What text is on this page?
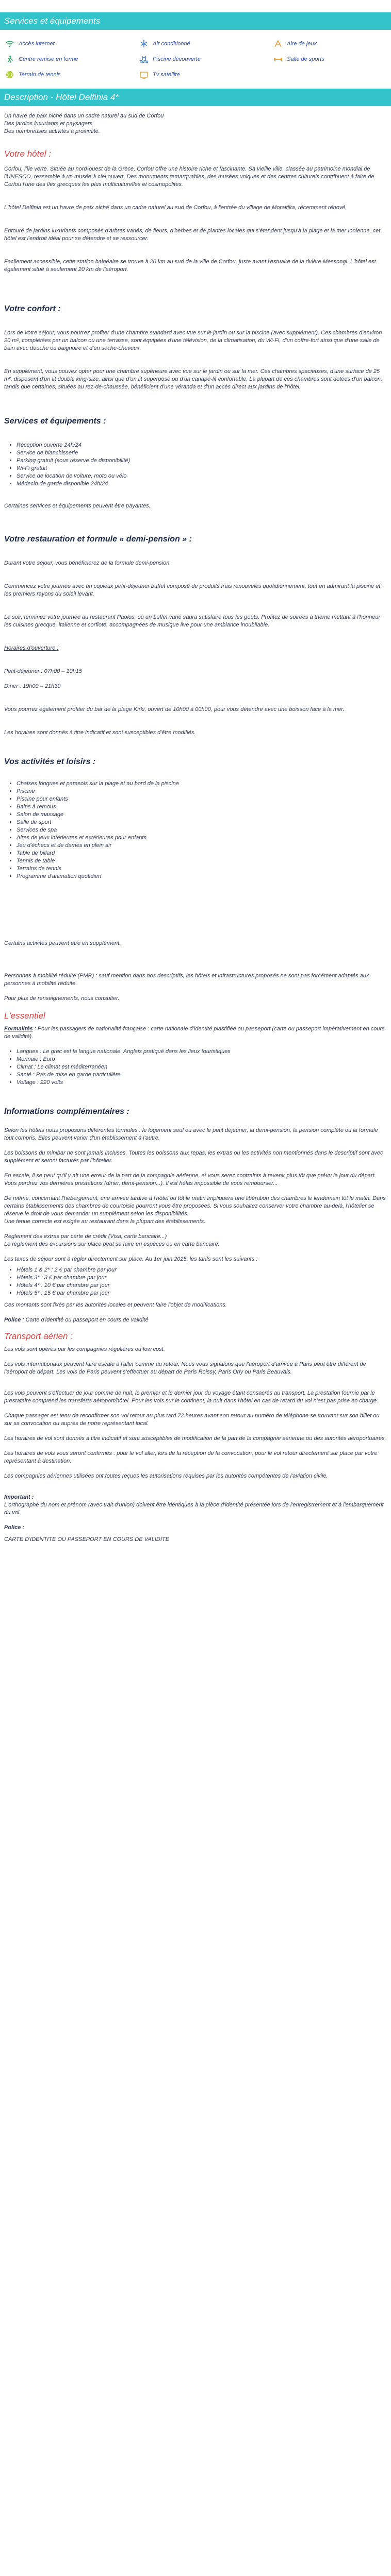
Services et équipements
Accès internet	Air conditionné	Aire de jeux
Centre remise en forme	Piscine découverte	Salle de sports
Terrain de tennis	Tv satellite
Description - Hôtel Delfinia 4*

Un havre de paix niché dans un cadre naturel au sud de Corfou

Des jardins luxuriants et paysagers

Des nombreuses activités à proximité.

Votre hôtel :

Corfou, l'île verte. Située au nord-ouest de la Grèce, Corfou offre une histoire riche et fascinante. Sa vieille ville, classée au patrimoine mondial de l'UNESCO, ressemble à un musée à ciel ouvert. Des monuments remarquables, des musées uniques et des centres culturels contribuent à faire de Corfou l'une des îles grecques les plus multiculturelles et cosmopolites.

L'hôtel Delfinia est un havre de paix niché dans un cadre naturel au sud de Corfou, à l'entrée du village de Moraitika, récemment rénové.

Entouré de jardins luxuriants composés d'arbres variés, de fleurs, d'herbes et de plantes locales qui s'étendent jusqu'à la plage et la mer Ionienne, cet hôtel est l'endroit idéal pour se détendre et se ressourcer.

Facilement accessible, cette station balnéaire se trouve à 20 km au sud de la ville de Corfou, juste avant l'estuaire de la rivière Messongi. L'hôtel est également situé à seulement 20 km de l'aéroport.

Votre confort :

Lors de votre séjour, vous pourrez profiter d'une chambre standard avec vue sur le jardin ou sur la piscine (avec supplément). Ces chambres d'environ 20 m², complétées par un balcon ou une terrasse, sont équipées d'une télévision, de la climatisation, du Wi-Fi, d'un coffre-fort ainsi que d'une salle de bain avec douche ou baignoire et d'un sèche-cheveux.

En supplément, vous pouvez opter pour une chambre supérieure avec vue sur le jardin ou sur la mer. Ces chambres spacieuses, d'une surface de 25 m², disposent d'un lit double king-size, ainsi que d'un lit superposé ou d'un canapé-lit confortable. La plupart de ces chambres sont dotées d'un balcon, tandis que certaines, situées au rez-de-chaussée, bénéficient d'une véranda et d'un accès direct aux jardins de l'hôtel.

Services et équipements :
• Réception ouverte 24h/24
• Service de blanchisserie
• Parking gratuit (sous réserve de disponibilité)
• Wi-Fi gratuit
• Service de location de voiture, moto ou vélo
• Médecin de garde disponible 24h/24

Certaines services et équipements peuvent être payantes.

Votre restauration et formule « demi-pension » :

Durant votre séjour, vous bénéficierez de la formule demi-pension.

Commencez votre journée avec un copieux petit-déjeuner buffet composé de produits frais renouvelés quotidiennement, tout en admirant la piscine et les premiers rayons du soleil levant.

Le soir, terminez votre journée au restaurant Paolos, où un buffet varié saura satisfaire tous les goûts. Profitez de soirées à thème mettant à l'honneur les cuisines grecque, italienne et corfiote, accompagnées de musique live pour une ambiance inoubliable.

Horaires d'ouverture :

Petit-déjeuner : 07h00 – 10h15

Dîner : 19h00 – 21h30

Vous pourrez également profiter du bar de la plage Kirki, ouvert de 10h00 à 00h00, pour vous détendre avec une boisson face à la mer.

Les horaires sont donnés à titre indicatif et sont susceptibles d'être modifiés.

Vos activités et loisirs :
• Chaises longues et parasols sur la plage et au bord de la piscine
• Piscine
• Piscine pour enfants
• Bains à remous
• Salon de massage
• Salle de sport
• Services de spa
• Aires de jeux intérieures et extérieures pour enfants
• Jeu d'échecs et de dames en plein air
• Table de billard
• Tennis de table
• Terrains de tennis
• Programme d'animation quotidien

Certains activités peuvent être en supplément.

Personnes à mobilité réduite (PMR) : sauf mention dans nos descriptifs, les hôtels et infrastructures proposés ne sont pas forcément adaptés aux personnes à mobilité réduite.

Pour plus de renseignements, nous consulter.

L'essentiel

Formalités : Pour les passagers de nationalité française : carte nationale d'identité plastifiée ou passeport (carte ou passeport impérativement en cours de validité).

• Langues : Le grec est la langue nationale. Anglais pratiqué dans les lieux touristiques
• Monnaie : Euro
• Climat : Le climat est méditerranéen
• Santé : Pas de mise en garde particulière
• Voltage : 220 volts
Informations complémentaires :

Selon les hôtels nous proposons différentes formules : le logement seul ou avec le petit déjeuner, la demi-pension, la pension complète ou la formule tout compris. Elles peuvent varier d'un établissement à l'autre.

Les boissons du minibar ne sont jamais incluses. Toutes les boissons aux repas, les extras ou les activités non mentionnés dans le descriptif sont avec supplément et seront facturés par l'hôtelier.

En escale, il se peut qu'il y ait une erreur de la part de la compagnie aérienne, et vous serez contraints à revenir plus tôt que prévu le jour du départ. Vous perdrez vos dernières prestations (dîner, demi-pension...). Il est hélas impossible de vous rembourser...

De même, concernant l'hébergement, une arrivée tardive à l'hôtel ou tôt le matin impliquera une libération des chambres le lendemain tôt le matin. Dans certains établissements des chambres de courtoisie pourront vous être proposées. Si vous souhaitez conserver votre chambre au-delà, l'hôtelier se réserve le droit de vous demander un supplément selon les disponibilités.

Une tenue correcte est exigée au restaurant dans la plupart des établissements.

Règlement des extras par carte de crédit (Visa, carte bancaire...)

Le règlement des excursions sur place peut se faire en espèces ou en carte bancaire.

Les taxes de séjour sont à régler directement sur place. Au 1er juin 2025, les tarifs sont les suivants :

• Hôtels 1 & 2* : 2 € par chambre par jour
• Hôtels 3* : 3 € par chambre par jour
• Hôtels 4* : 10 € par chambre par jour
• Hôtels 5* : 15 € par chambre par jour

Ces montants sont fixés par les autorités locales et peuvent faire l'objet de modifications.

Police : Carte d'identité ou passeport en cours de validité

Transport aérien :

Les vols sont opérés par les compagnies régulières ou low cost.

Les vols internationaux peuvent faire escale à l'aller comme au retour. Nous vous signalons que l'aéroport d'arrivée à Paris peut être différent de l'aéroport de départ. Les vols de Paris peuvent s'effectuer au départ de Paris Roissy, Paris Orly ou Paris Beauvais.

Les vols peuvent s'effectuer de jour comme de nuit, le premier et le dernier jour du voyage étant consacrés au transport. La prestation fournie par le prestataire comprend les transferts aéroport/hôtel. Pour les vols sur le continent, la nuit dans l'hôtel en cas de retard du vol n'est pas prise en charge.

Chaque passager est tenu de reconfirmer son vol retour au plus tard 72 heures avant son retour au numéro de téléphone se trouvant sur son billet ou sur sa convocation ou auprès de notre représentant local.

Les horaires de vol sont donnés à titre indicatif et sont susceptibles de modification de la part de la compagnie aérienne ou des autorités aéroportuaires.

Les horaires de vols vous seront confirmés : pour le vol aller, lors de la réception de la convocation, pour le vol retour directement sur place par votre représentant à destination.

Les compagnies aériennes utilisées ont toutes reçues les autorisations requises par les autorités compétentes de l'aviation civile.

Important :

L'orthographe du nom et prénom (avec trait d'union) doivent être identiques à la pièce d'identité présentée lors de l'enregistrement et à l'embarquement du vol.

Police :

CARTE D'IDENTITE OU PASSEPORT EN COURS DE VALIDITE
